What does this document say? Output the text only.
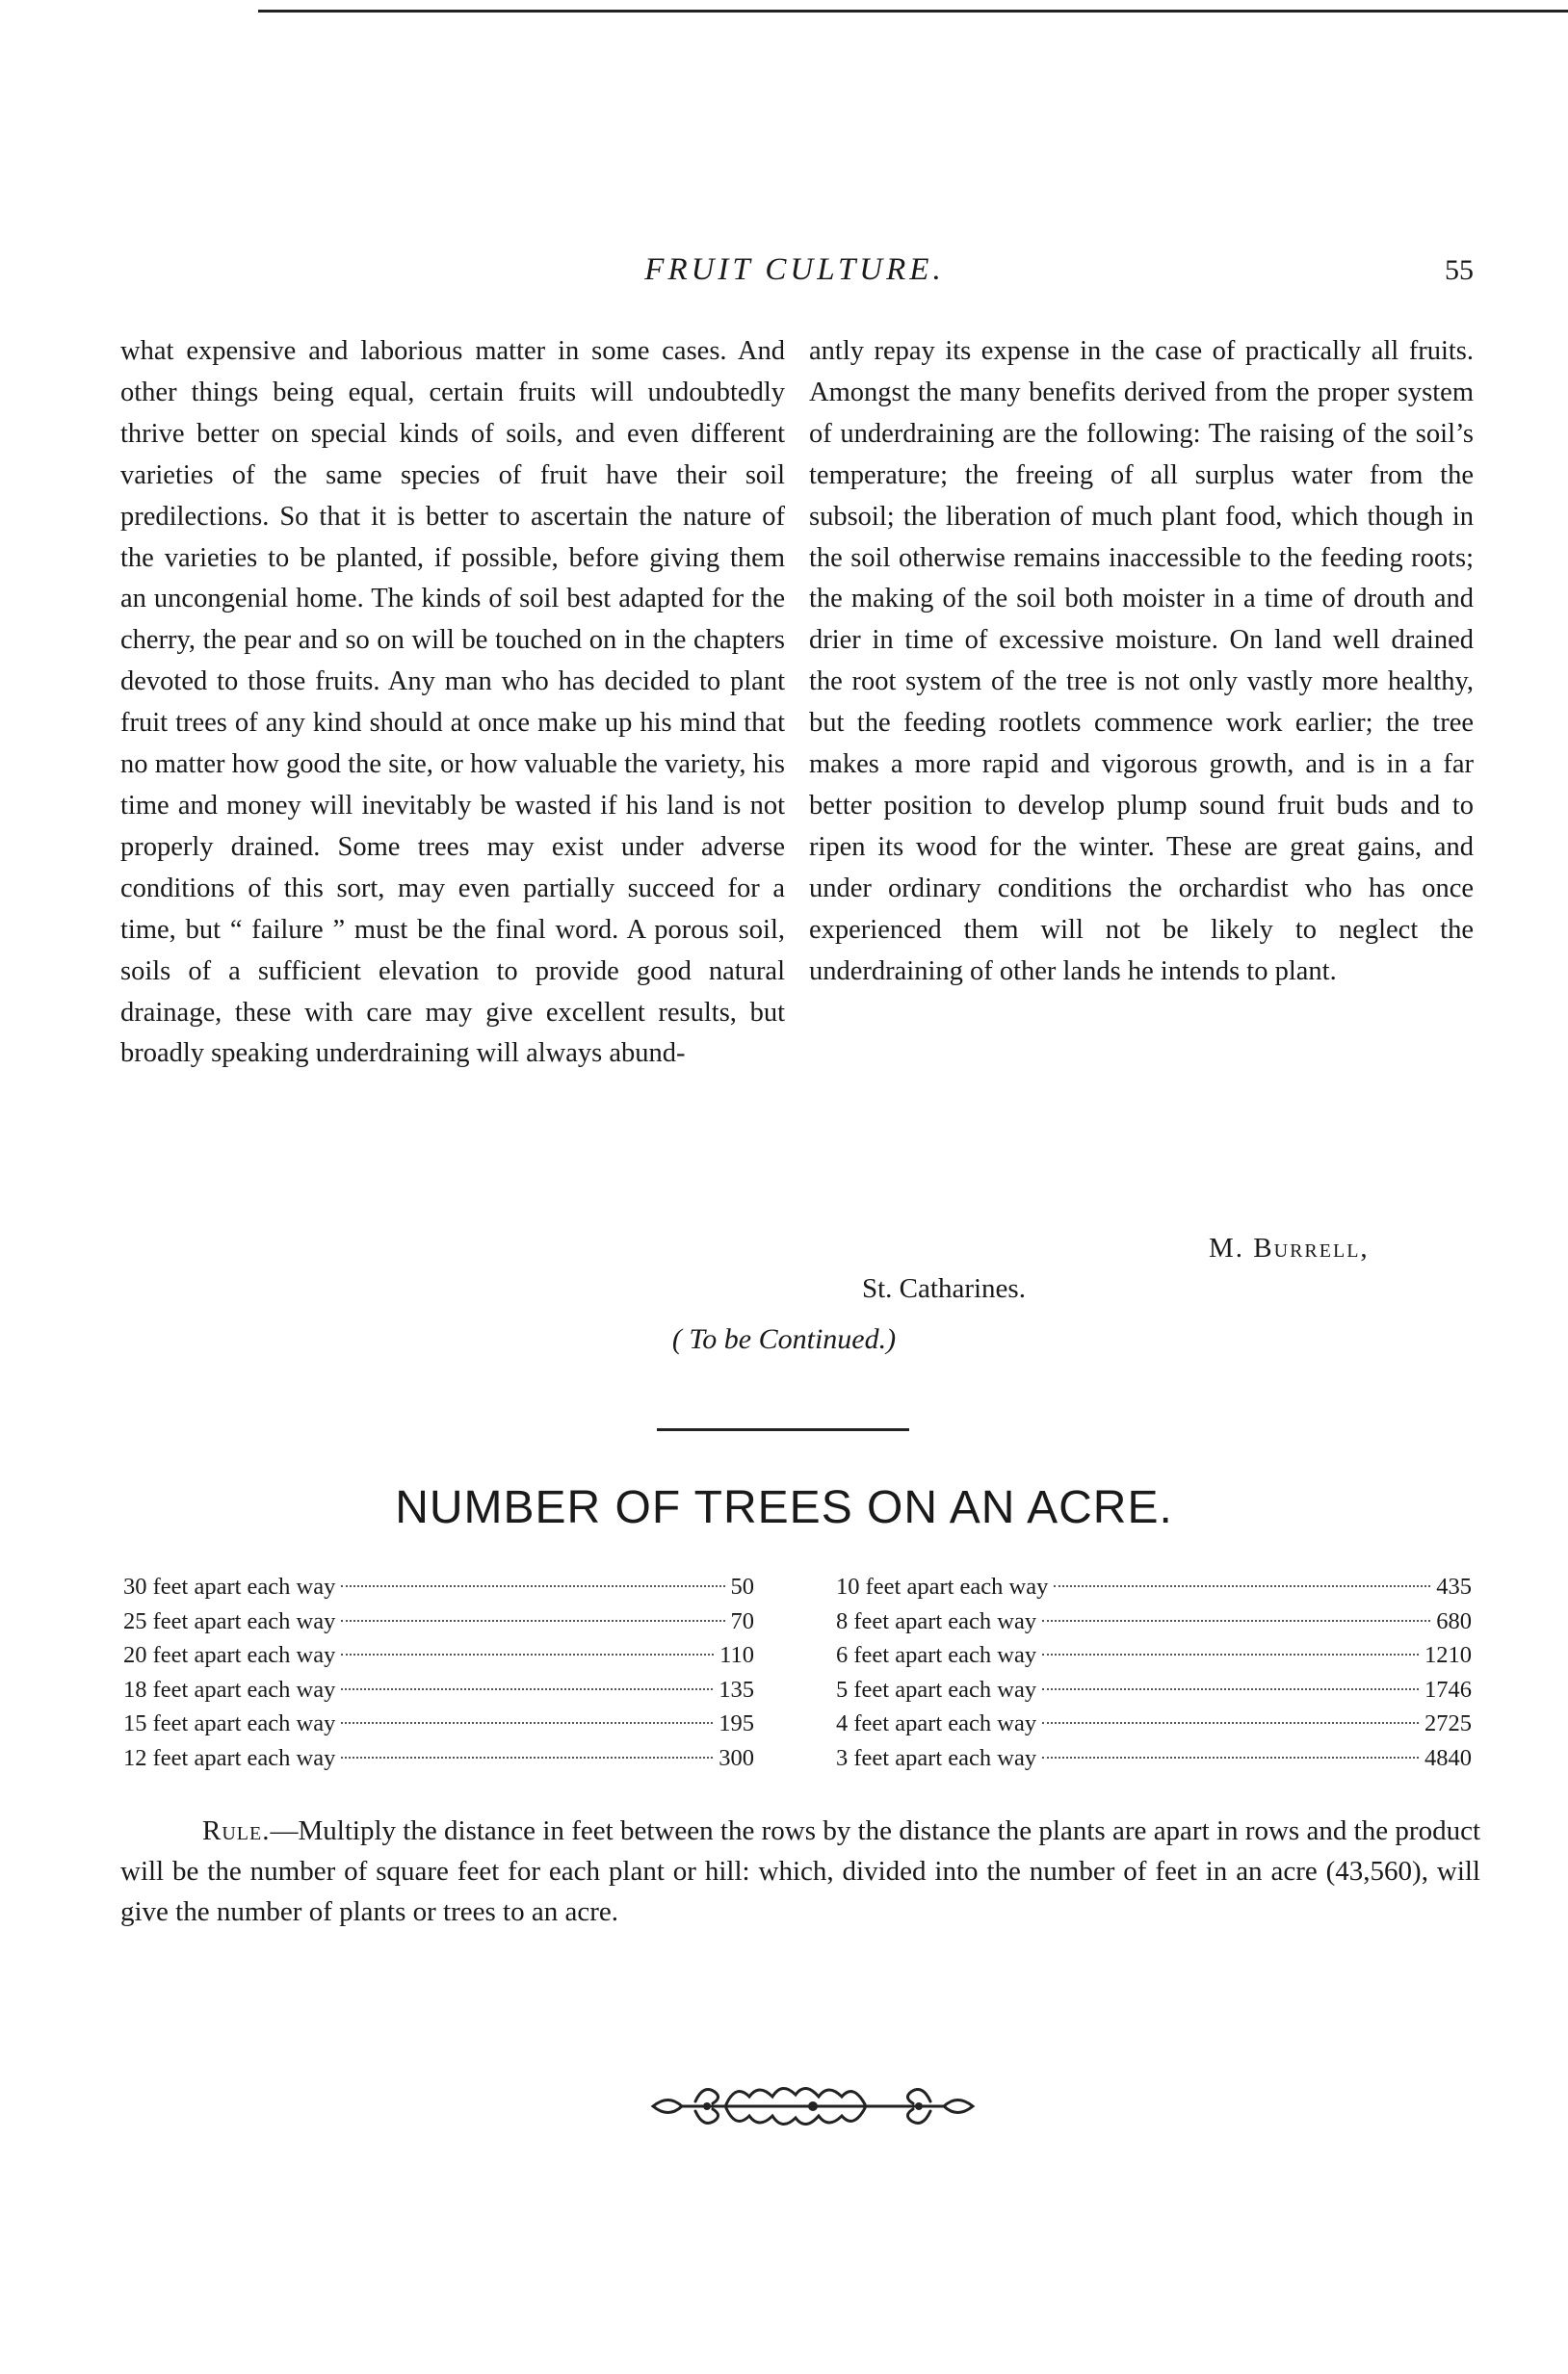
FRUIT CULTURE.	55
what expensive and laborious matter in some cases. And other things being equal, certain fruits will undoubtedly thrive better on special kinds of soils, and even different varieties of the same species of fruit have their soil predilections. So that it is better to ascertain the nature of the varieties to be planted, if possible, before giving them an uncongenial home. The kinds of soil best adapted for the cherry, the pear and so on will be touched on in the chapters devoted to those fruits. Any man who has decided to plant fruit trees of any kind should at once make up his mind that no matter how good the site, or how valuable the variety, his time and money will inevitably be wasted if his land is not properly drained. Some trees may exist under adverse conditions of this sort, may even partially succeed for a time, but “ failure ” must be the final word. A porous soil, soils of a sufficient elevation to provide good natural drainage, these with care may give excellent results, but broadly speaking underdraining will always abund-
antly repay its expense in the case of practically all fruits. Amongst the many benefits derived from the proper system of underdraining are the following: The raising of the soil’s temperature; the freeing of all surplus water from the subsoil; the liberation of much plant food, which though in the soil otherwise remains inaccessible to the feeding roots; the making of the soil both moister in a time of drouth and drier in time of excessive moisture. On land well drained the root system of the tree is not only vastly more healthy, but the feeding rootlets commence work earlier; the tree makes a more rapid and vigorous growth, and is in a far better position to develop plump sound fruit buds and to ripen its wood for the winter. These are great gains, and under ordinary conditions the orchardist who has once experienced them will not be likely to neglect the underdraining of other lands he intends to plant.
M. Burrell,
St. Catharines.
( To be Continued.)
NUMBER OF TREES ON AN ACRE.
30 feet apart each way	50
25 feet apart each way	70
20 feet apart each way	110
18 feet apart each way	135
15 feet apart each way	195
12 feet apart each way	300
10 feet apart each way	435
8 feet apart each way	680
6 feet apart each way	1210
5 feet apart each way	1746
4 feet apart each way	2725
3 feet apart each way	4840
Rule.—Multiply the distance in feet between the rows by the distance the plants are apart in rows and the product will be the number of square feet for each plant or hill: which, divided into the number of feet in an acre (43,560), will give the number of plants or trees to an acre.
